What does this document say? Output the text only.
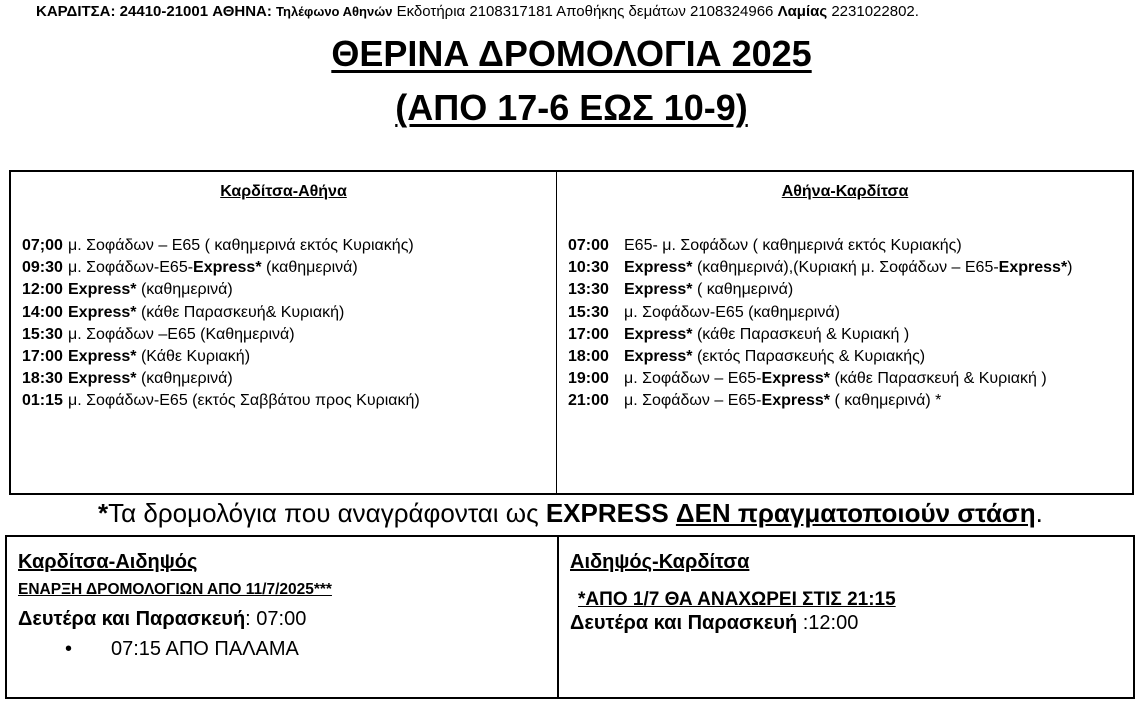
ΚΑΡΔΙΤΣΑ: 24410-21001 ΑΘΗΝΑ: Τηλέφωνο Αθηνών Εκδοτήρια 2108317181 Αποθήκης δεμάτων 2108324966 Λαμίας 2231022802.
ΘΕΡΙΝΑ ΔΡΟΜΟΛΟΓΙΑ 2025
(ΑΠΟ 17-6 ΕΩΣ 10-9)
Καρδίτσα-Αθήνα	Αθήνα-Καρδίτσα
07;00 μ. Σοφάδων – Ε65 ( καθημερινά εκτός Κυριακής)
09:30 μ. Σοφάδων-Ε65-Express* (καθημερινά)
12:00 Express* (καθημερινά)
14:00 Express* (κάθε Παρασκευή& Κυριακή)
15:30 μ. Σοφάδων –Ε65 (Καθημερινά)
17:00 Express* (Κάθε Κυριακή)
18:30 Express* (καθημερινά)
01:15 μ. Σοφάδων-Ε65 (εκτός Σαββάτου προς Κυριακή)
07:00 Ε65- μ. Σοφάδων ( καθημερινά εκτός Κυριακής)
10:30 Express* (καθημερινά),(Κυριακή μ. Σοφάδων – Ε65-Express*)
13:30 Express* ( καθημερινά)
15:30 μ. Σοφάδων-Ε65 (καθημερινά)
17:00 Express* (κάθε Παρασκευή & Κυριακή )
18:00 Express* (εκτός Παρασκευής & Κυριακής)
19:00 μ. Σοφάδων – Ε65-Express* (κάθε Παρασκευή & Κυριακή )
21:00 μ. Σοφάδων – Ε65-Express* ( καθημερινά) *
*ΑΠΟ 1/7 ΘΑ ΑΝΑΧΩΡΕΙ ΣΤΙΣ 21:15
*Τα δρομολόγια που αναγράφονται ως EXPRESS ΔΕΝ πραγματοποιούν στάση.
Καρδίτσα-Αιδηψός
ΕΝΑΡΞΗ ΔΡΟΜΟΛΟΓΙΩΝ ΑΠΟ 11/7/2025***
Δευτέρα και Παρασκευή: 07:00
• 07:15 ΑΠΟ ΠΑΛΑΜΑ
Αιδηψός-Καρδίτσα
Δευτέρα και Παρασκευή :12:00
